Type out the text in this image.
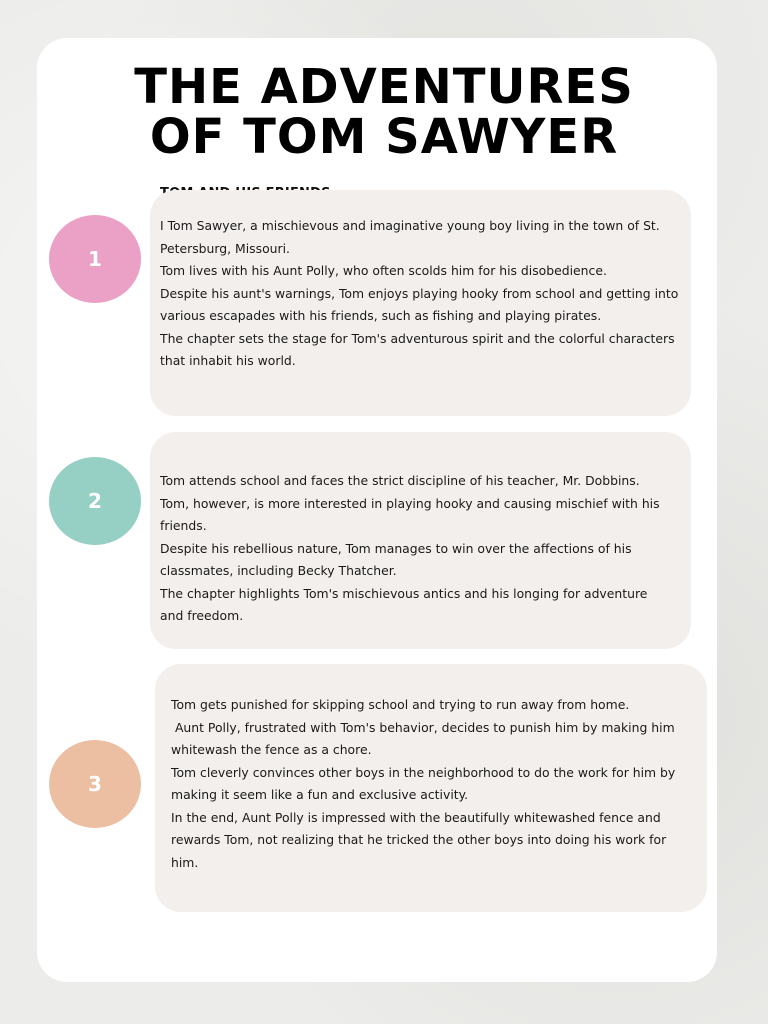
THE ADVENTURES
OF TOM SAWYER

I Tom Sawyer, a mischievous and imaginative young boy living in the town of St. Petersburg, Missouri.

Tom lives with his Aunt Polly, who often scolds him for his disobedience.

Despite his aunt's warnings, Tom enjoys playing hooky from school and getting into various escapades with his friends, such as fishing and playing pirates.

The chapter sets the stage for Tom's adventurous spirit and the colorful characters that inhabit his world.

1

Tom attends school and faces the strict discipline of his teacher, Mr. Dobbins.

Tom, however, is more interested in playing hooky and causing mischief with his friends.

Despite his rebellious nature, Tom manages to win over the affections of his classmates, including Becky Thatcher.

The chapter highlights Tom's mischievous antics and his longing for adventure and freedom.

2

Tom gets punished for skipping school and trying to run away from home.

Aunt Polly, frustrated with Tom's behavior, decides to punish him by making him whitewash the fence as a chore.

Tom cleverly convinces other boys in the neighborhood to do the work for him by making it seem like a fun and exclusive activity.

In the end, Aunt Polly is impressed with the beautifully whitewashed fence and rewards Tom, not realizing that he tricked the other boys into doing his work for him.

3
